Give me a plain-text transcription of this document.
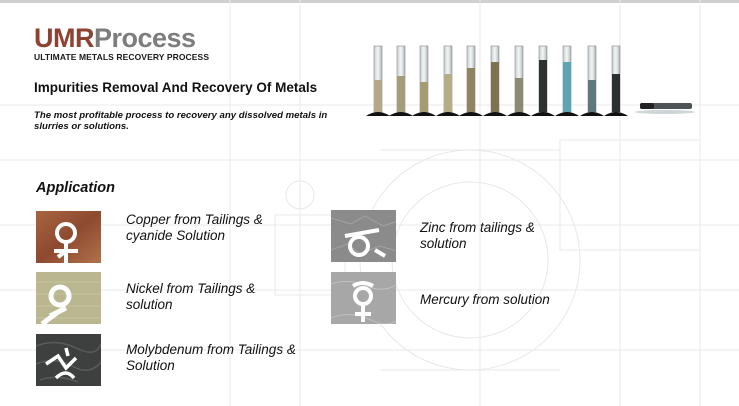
UMRProcess
ULTIMATE METALS RECOVERY PROCESS
Impurities Removal And Recovery Of Metals
The most profitable process to recovery any dissolved metals in slurries or solutions.
Application
Copper from Tailings & cyanide Solution
Nickel from Tailings & solution
Molybdenum from Tailings & Solution
Zinc from tailings & solution
Mercury from solution
